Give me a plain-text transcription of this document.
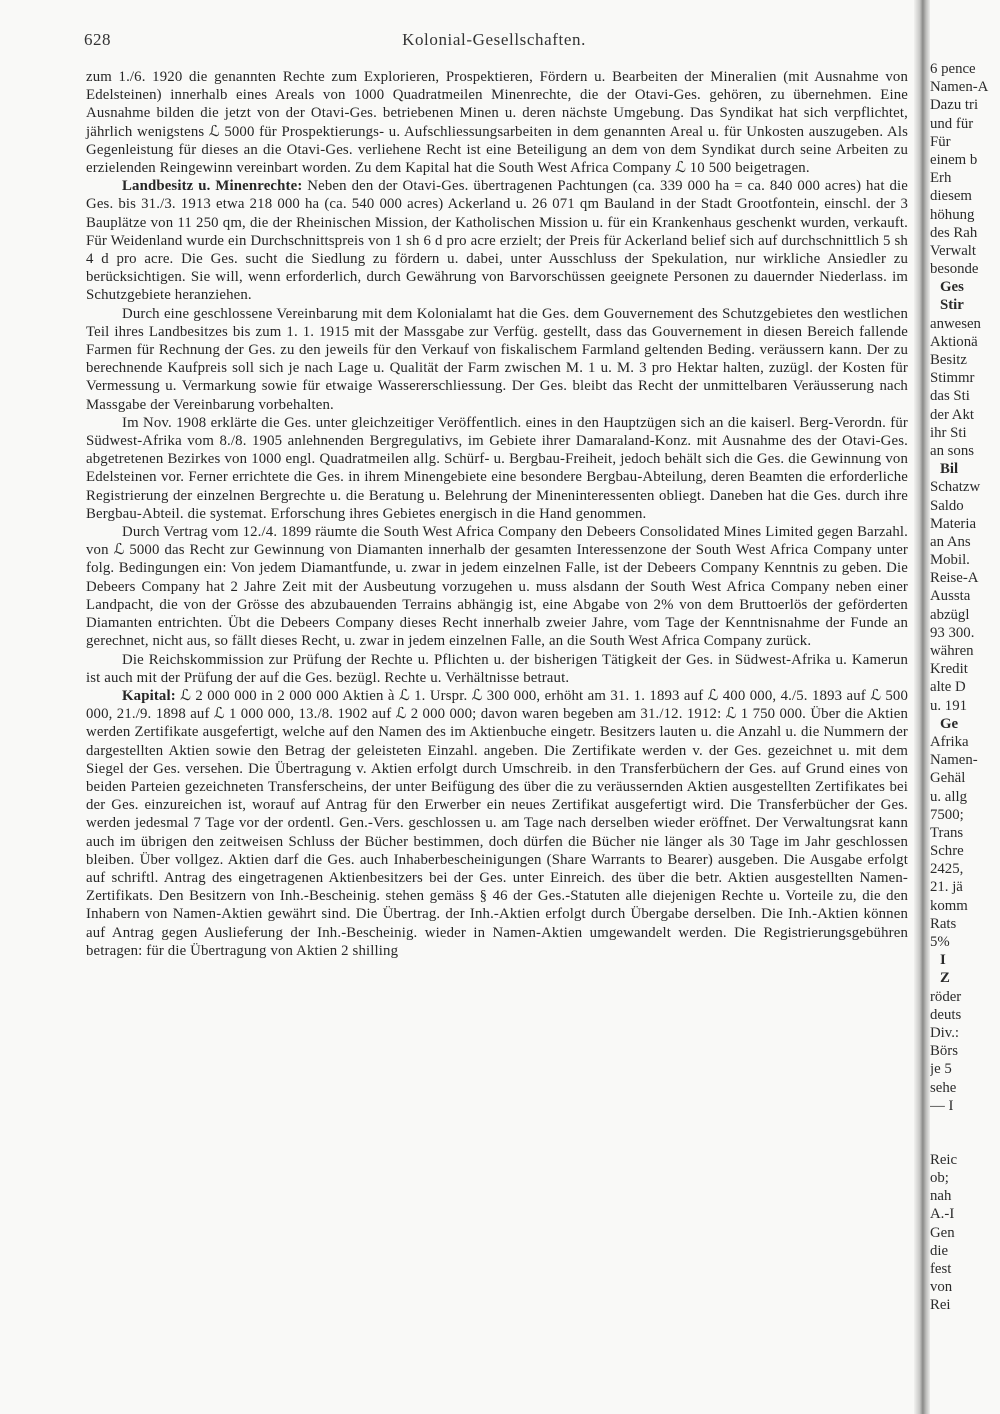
628	Kolonial-Gesellschaften.

zum 1./6. 1920 die genannten Rechte zum Explorieren, Prospektieren, Fördern u. Bearbeiten der Mineralien (mit Ausnahme von Edelsteinen) innerhalb eines Areals von 1000 Quadratmeilen Minenrechte, die der Otavi-Ges. gehören, zu übernehmen. Eine Ausnahme bilden die jetzt von der Otavi-Ges. betriebenen Minen u. deren nächste Umgebung. Das Syndikat hat sich verpflichtet, jährlich wenigstens ℒ 5000 für Prospektierungs- u. Aufschliessungsarbeiten in dem genannten Areal u. für Unkosten auszugeben. Als Gegenleistung für dieses an die Otavi-Ges. verliehene Recht ist eine Beteiligung an dem von dem Syndikat durch seine Arbeiten zu erzielenden Reingewinn vereinbart worden. Zu dem Kapital hat die South West Africa Company ℒ 10 500 beigetragen.

Landbesitz u. Minenrechte: Neben den der Otavi-Ges. übertragenen Pachtungen (ca. 339 000 ha = ca. 840 000 acres) hat die Ges. bis 31./3. 1913 etwa 218 000 ha (ca. 540 000 acres) Ackerland u. 26 071 qm Bauland in der Stadt Grootfontein, einschl. der 3 Bauplätze von 11 250 qm, die der Rheinischen Mission, der Katholischen Mission u. für ein Krankenhaus geschenkt wurden, verkauft. Für Weidenland wurde ein Durchschnittspreis von 1 sh 6 d pro acre erzielt; der Preis für Ackerland belief sich auf durchschnittlich 5 sh 4 d pro acre. Die Ges. sucht die Siedlung zu fördern u. dabei, unter Ausschluss der Spekulation, nur wirkliche Ansiedler zu berücksichtigen. Sie will, wenn erforderlich, durch Gewährung von Barvorschüssen geeignete Personen zu dauernder Niederlass. im Schutzgebiete heranziehen.

Durch eine geschlossene Vereinbarung mit dem Kolonialamt hat die Ges. dem Gouvernement des Schutzgebietes den westlichen Teil ihres Landbesitzes bis zum 1. 1. 1915 mit der Massgabe zur Verfüg. gestellt, dass das Gouvernement in diesen Bereich fallende Farmen für Rechnung der Ges. zu den jeweils für den Verkauf von fiskalischem Farmland geltenden Beding. veräussern kann. Der zu berechnende Kaufpreis soll sich je nach Lage u. Qualität der Farm zwischen M. 1 u. M. 3 pro Hektar halten, zuzügl. der Kosten für Vermessung u. Vermarkung sowie für etwaige Wassererschliessung. Der Ges. bleibt das Recht der unmittelbaren Veräusserung nach Massgabe der Vereinbarung vorbehalten.

Im Nov. 1908 erklärte die Ges. unter gleichzeitiger Veröffentlich. eines in den Hauptzügen sich an die kaiserl. Berg-Verordn. für Südwest-Afrika vom 8./8. 1905 anlehnenden Bergregulativs, im Gebiete ihrer Damaraland-Konz. mit Ausnahme des der Otavi-Ges. abgetretenen Bezirkes von 1000 engl. Quadratmeilen allg. Schürf- u. Bergbau-Freiheit, jedoch behält sich die Ges. die Gewinnung von Edelsteinen vor. Ferner errichtete die Ges. in ihrem Minengebiete eine besondere Bergbau-Abteilung, deren Beamten die erforderliche Registrierung der einzelnen Bergrechte u. die Beratung u. Belehrung der Mineninteressenten obliegt. Daneben hat die Ges. durch ihre Bergbau-Abteil. die systemat. Erforschung ihres Gebietes energisch in die Hand genommen.

Durch Vertrag vom 12./4. 1899 räumte die South West Africa Company den Debeers Consolidated Mines Limited gegen Barzahl. von ℒ 5000 das Recht zur Gewinnung von Diamanten innerhalb der gesamten Interessenzone der South West Africa Company unter folg. Bedingungen ein: Von jedem Diamantfunde, u. zwar in jedem einzelnen Falle, ist der Debeers Company Kenntnis zu geben. Die Debeers Company hat 2 Jahre Zeit mit der Ausbeutung vorzugehen u. muss alsdann der South West Africa Company neben einer Landpacht, die von der Grösse des abzubauenden Terrains abhängig ist, eine Abgabe von 2% von dem Bruttoerlös der geförderten Diamanten entrichten. Übt die Debeers Company dieses Recht innerhalb zweier Jahre, vom Tage der Kenntnisnahme der Funde an gerechnet, nicht aus, so fällt dieses Recht, u. zwar in jedem einzelnen Falle, an die South West Africa Company zurück.

Die Reichskommission zur Prüfung der Rechte u. Pflichten u. der bisherigen Tätigkeit der Ges. in Südwest-Afrika u. Kamerun ist auch mit der Prüfung der auf die Ges. bezügl. Rechte u. Verhältnisse betraut.

Kapital: ℒ 2 000 000 in 2 000 000 Aktien à ℒ 1. Urspr. ℒ 300 000, erhöht am 31. 1. 1893 auf ℒ 400 000, 4./5. 1893 auf ℒ 500 000, 21./9. 1898 auf ℒ 1 000 000, 13./8. 1902 auf ℒ 2 000 000; davon waren begeben am 31./12. 1912: ℒ 1 750 000. Über die Aktien werden Zertifikate ausgefertigt, welche auf den Namen des im Aktienbuche eingetr. Besitzers lauten u. die Anzahl u. die Nummern der dargestellten Aktien sowie den Betrag der geleisteten Einzahl. angeben. Die Zertifikate werden v. der Ges. gezeichnet u. mit dem Siegel der Ges. versehen. Die Übertragung v. Aktien erfolgt durch Umschreib. in den Transferbüchern der Ges. auf Grund eines von beiden Parteien gezeichneten Transferscheins, der unter Beifügung des über die zu veräussernden Aktien ausgestellten Zertifikates bei der Ges. einzureichen ist, worauf auf Antrag für den Erwerber ein neues Zertifikat ausgefertigt wird. Die Transferbücher der Ges. werden jedesmal 7 Tage vor der ordentl. Gen.-Vers. geschlossen u. am Tage nach derselben wieder eröffnet. Der Verwaltungsrat kann auch im übrigen den zeitweisen Schluss der Bücher bestimmen, doch dürfen die Bücher nie länger als 30 Tage im Jahr geschlossen bleiben. Über vollgez. Aktien darf die Ges. auch Inhaberbescheinigungen (Share Warrants to Bearer) ausgeben. Die Ausgabe erfolgt auf schriftl. Antrag des eingetragenen Aktienbesitzers bei der Ges. unter Einreich. des über die betr. Aktien ausgestellten Namen-Zertifikats. Den Besitzern von Inh.-Bescheinig. stehen gemäss § 46 der Ges.-Statuten alle diejenigen Rechte u. Vorteile zu, die den Inhabern von Namen-Aktien gewährt sind. Die Übertrag. der Inh.-Aktien erfolgt durch Übergabe derselben. Die Inh.-Aktien können auf Antrag gegen Auslieferung der Inh.-Bescheinig. wieder in Namen-Aktien umgewandelt werden. Die Registrierungsgebühren betragen: für die Übertragung von Aktien 2 shilling

6 pence
Namen-A
Dazu tri
und für
Für
einem b
Erh
diesem
höhung
des Rah
Verwalt
besonde
Ges
Stir
anwesen
Aktionä
Besitz
Stimmr
das Sti
der Akt
ihr Sti
an sons
Bil
Schatzw
Saldo
Materia
an Ans
Mobil.
Reise-A
Aussta
abzügl
93 300.
währen
Kredit
alte D
u. 191
Ge
Afrika
Namen-
Gehäl
u. allg
7500;
Trans
Schre
2425,
21. jä
komm
Rats
5%
I
Z
röder
deuts
Div.:
Börs
je 5
sehe
— I
Reic
ob;
nah
A.-I
Gen
die
fest
von
Rei
